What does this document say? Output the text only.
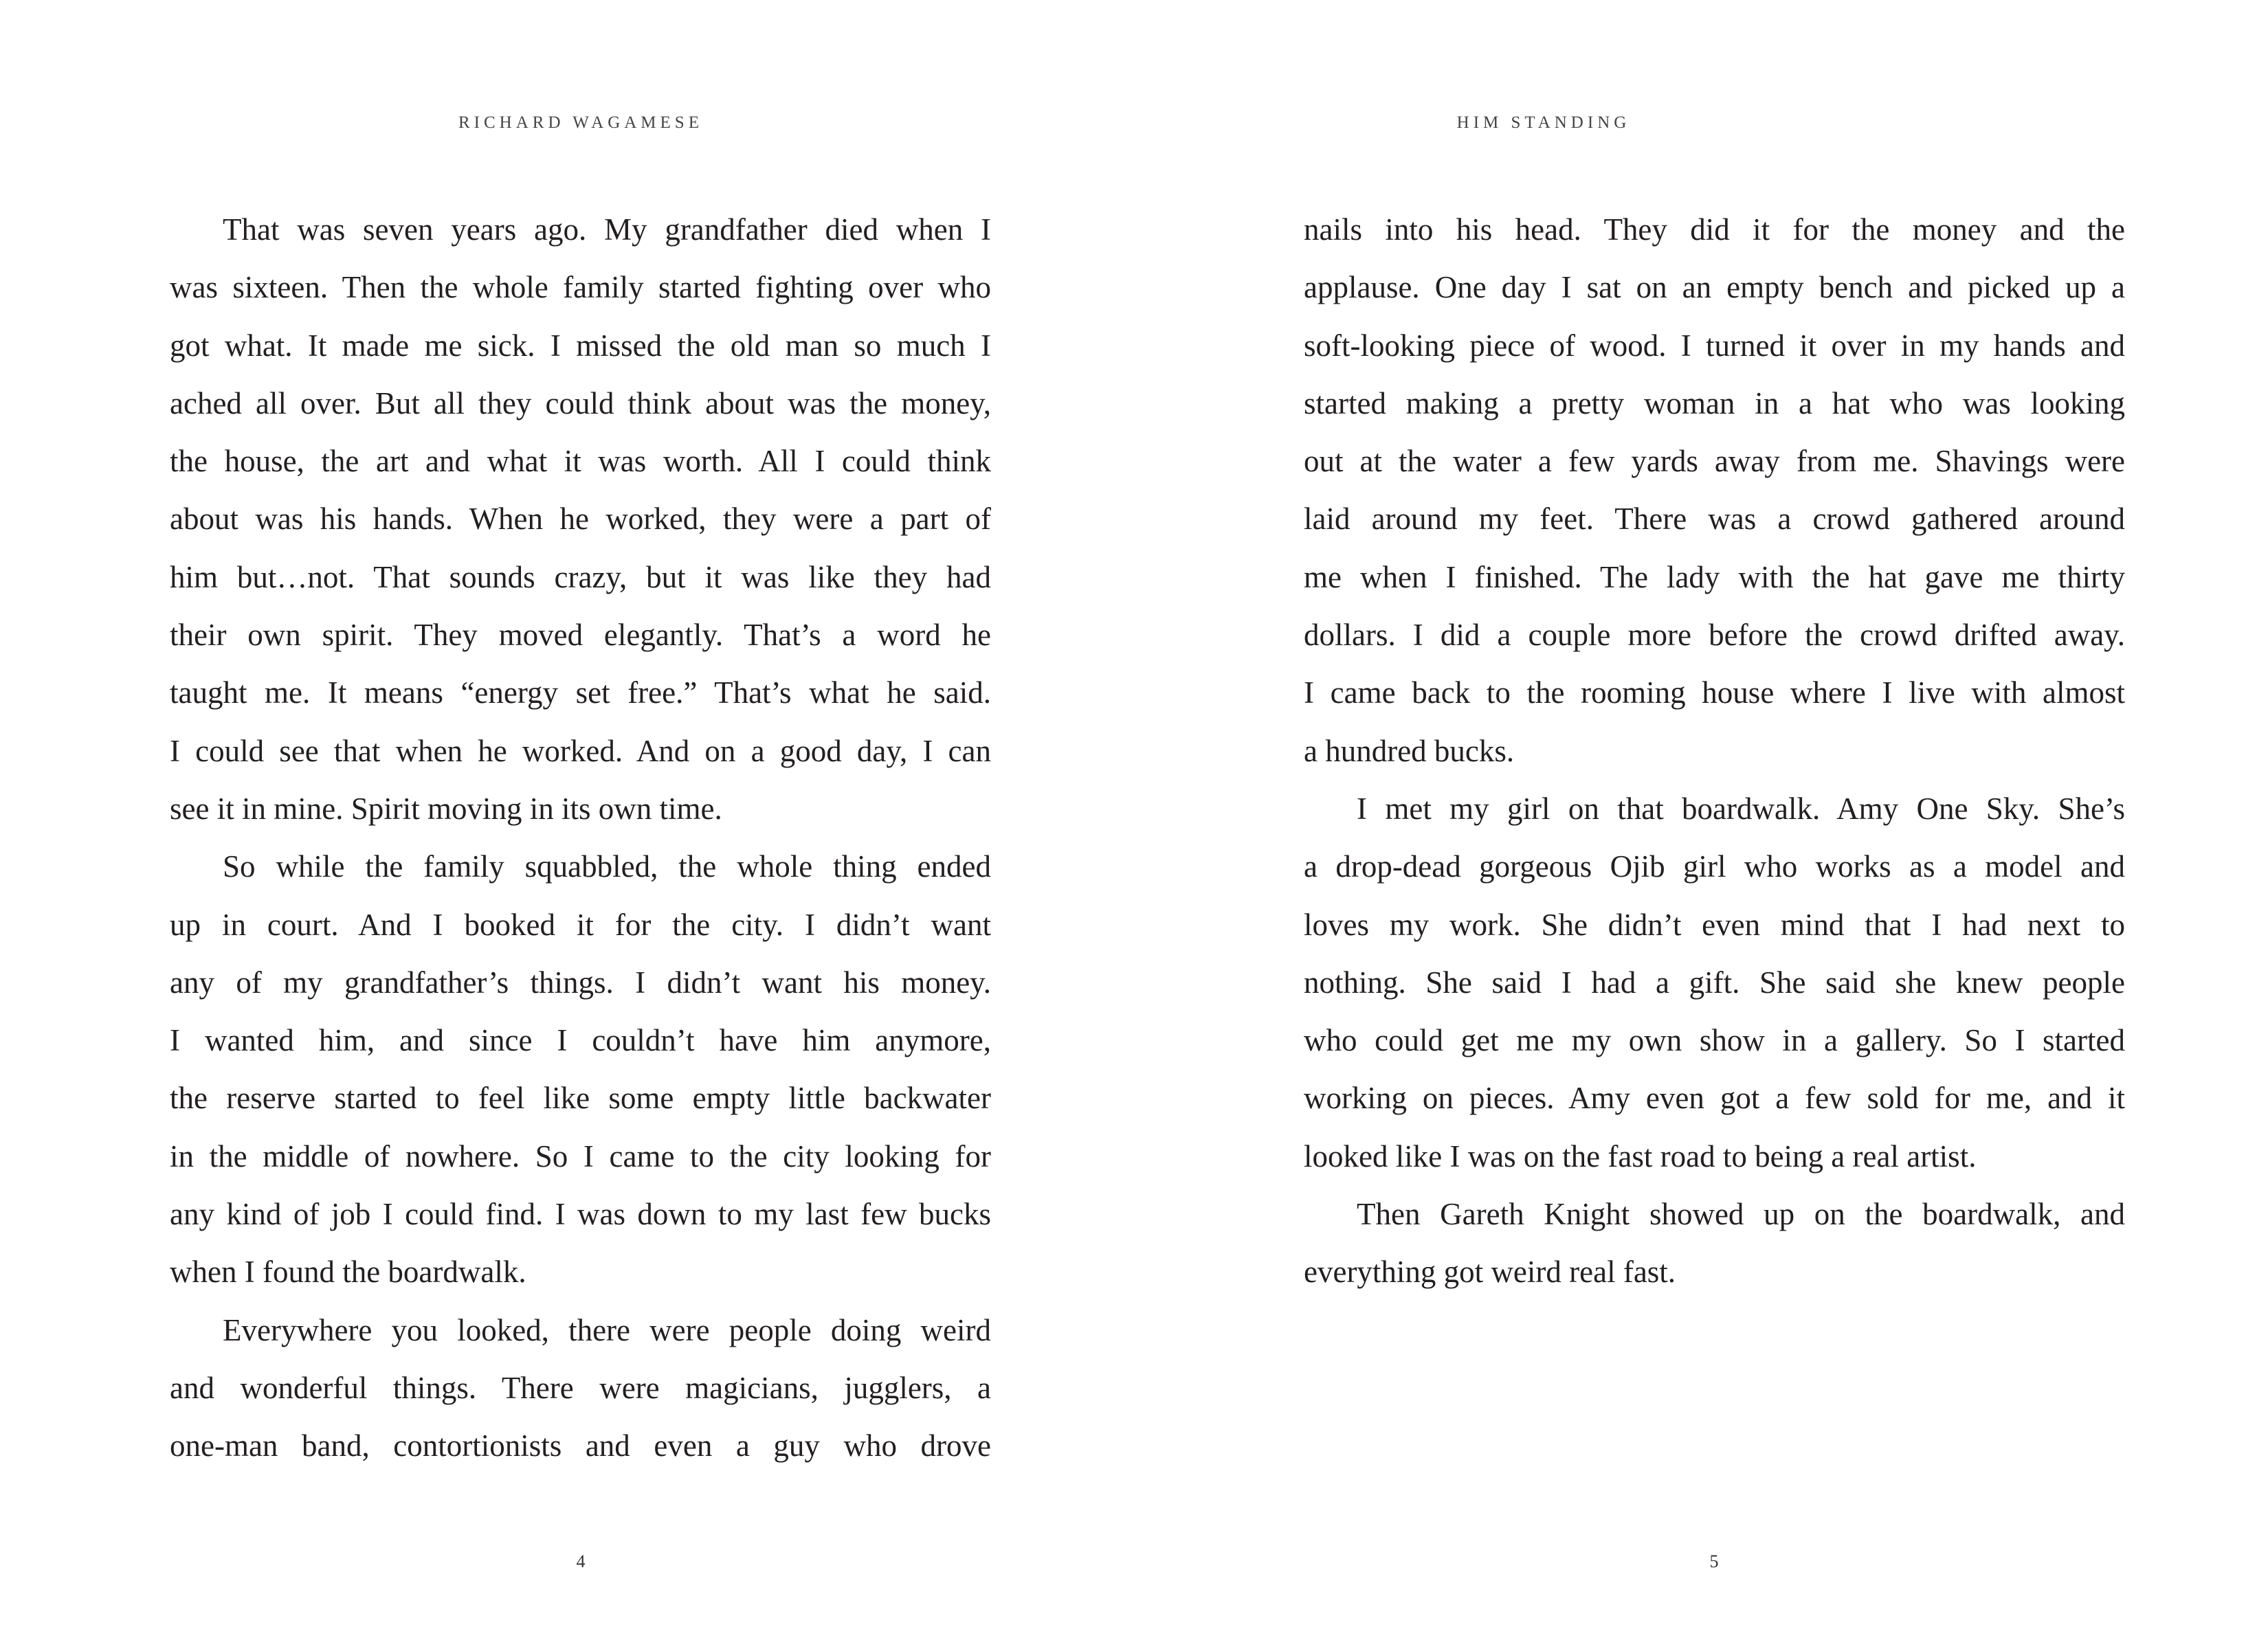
RICHARD WAGAMESE
That was seven years ago. My grandfather died when I
was sixteen. Then the whole family started fighting over who
got what. It made me sick. I missed the old man so much I
ached all over. But all they could think about was the money,
the house, the art and what it was worth. All I could think
about was his hands. When he worked, they were a part of
him but…not. That sounds crazy, but it was like they had
their own spirit. They moved elegantly. That’s a word he
taught me. It means “energy set free.” That’s what he said.
I could see that when he worked. And on a good day, I can
see it in mine. Spirit moving in its own time.
So while the family squabbled, the whole thing ended
up in court. And I booked it for the city. I didn’t want
any of my grandfather’s things. I didn’t want his money.
I wanted him, and since I couldn’t have him anymore,
the reserve started to feel like some empty little backwater
in the middle of nowhere. So I came to the city looking for
any kind of job I could find. I was down to my last few bucks
when I found the boardwalk.
Everywhere you looked, there were people doing weird
and wonderful things. There were magicians, jugglers, a
one-man band, contortionists and even a guy who drove
4
HIM STANDING
nails into his head. They did it for the money and the
applause. One day I sat on an empty bench and picked up a
soft-looking piece of wood. I turned it over in my hands and
started making a pretty woman in a hat who was looking
out at the water a few yards away from me. Shavings were
laid around my feet. There was a crowd gathered around
me when I finished. The lady with the hat gave me thirty
dollars. I did a couple more before the crowd drifted away.
I came back to the rooming house where I live with almost
a hundred bucks.
I met my girl on that boardwalk. Amy One Sky. She’s
a drop-dead gorgeous Ojib girl who works as a model and
loves my work. She didn’t even mind that I had next to
nothing. She said I had a gift. She said she knew people
who could get me my own show in a gallery. So I started
working on pieces. Amy even got a few sold for me, and it
looked like I was on the fast road to being a real artist.
Then Gareth Knight showed up on the boardwalk, and
everything got weird real fast.
5
